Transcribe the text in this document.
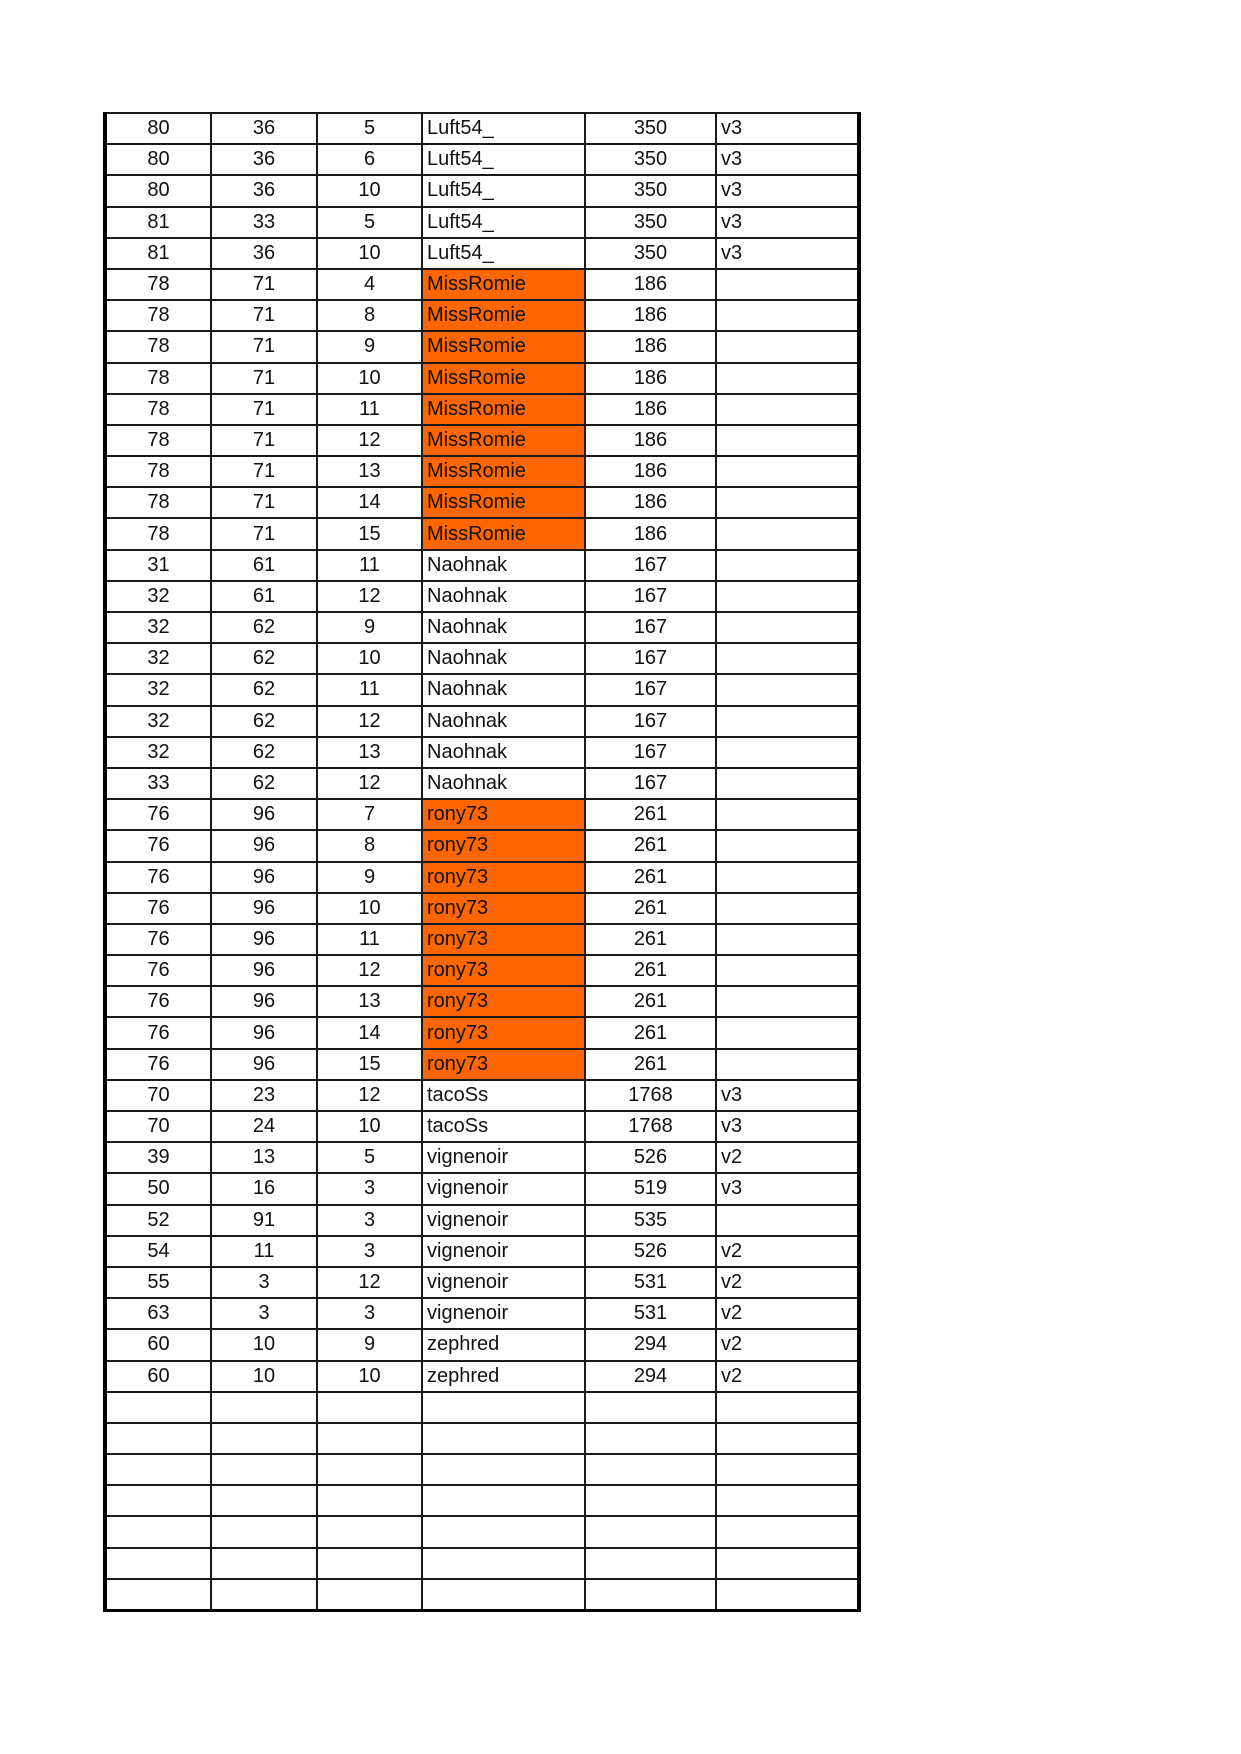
80	36	5	Luft54_	350	v3
80	36	6	Luft54_	350	v3
80	36	10	Luft54_	350	v3
81	33	5	Luft54_	350	v3
81	36	10	Luft54_	350	v3
78	71	4	MissRomie	186	
78	71	8	MissRomie	186	
78	71	9	MissRomie	186	
78	71	10	MissRomie	186	
78	71	11	MissRomie	186	
78	71	12	MissRomie	186	
78	71	13	MissRomie	186	
78	71	14	MissRomie	186	
78	71	15	MissRomie	186	
31	61	11	Naohnak	167	
32	61	12	Naohnak	167	
32	62	9	Naohnak	167	
32	62	10	Naohnak	167	
32	62	11	Naohnak	167	
32	62	12	Naohnak	167	
32	62	13	Naohnak	167	
33	62	12	Naohnak	167	
76	96	7	rony73	261	
76	96	8	rony73	261	
76	96	9	rony73	261	
76	96	10	rony73	261	
76	96	11	rony73	261	
76	96	12	rony73	261	
76	96	13	rony73	261	
76	96	14	rony73	261	
76	96	15	rony73	261	
70	23	12	tacoSs	1768	v3
70	24	10	tacoSs	1768	v3
39	13	5	vignenoir	526	v2
50	16	3	vignenoir	519	v3
52	91	3	vignenoir	535	
54	11	3	vignenoir	526	v2
55	3	12	vignenoir	531	v2
63	3	3	vignenoir	531	v2
60	10	9	zephred	294	v2
60	10	10	zephred	294	v2
